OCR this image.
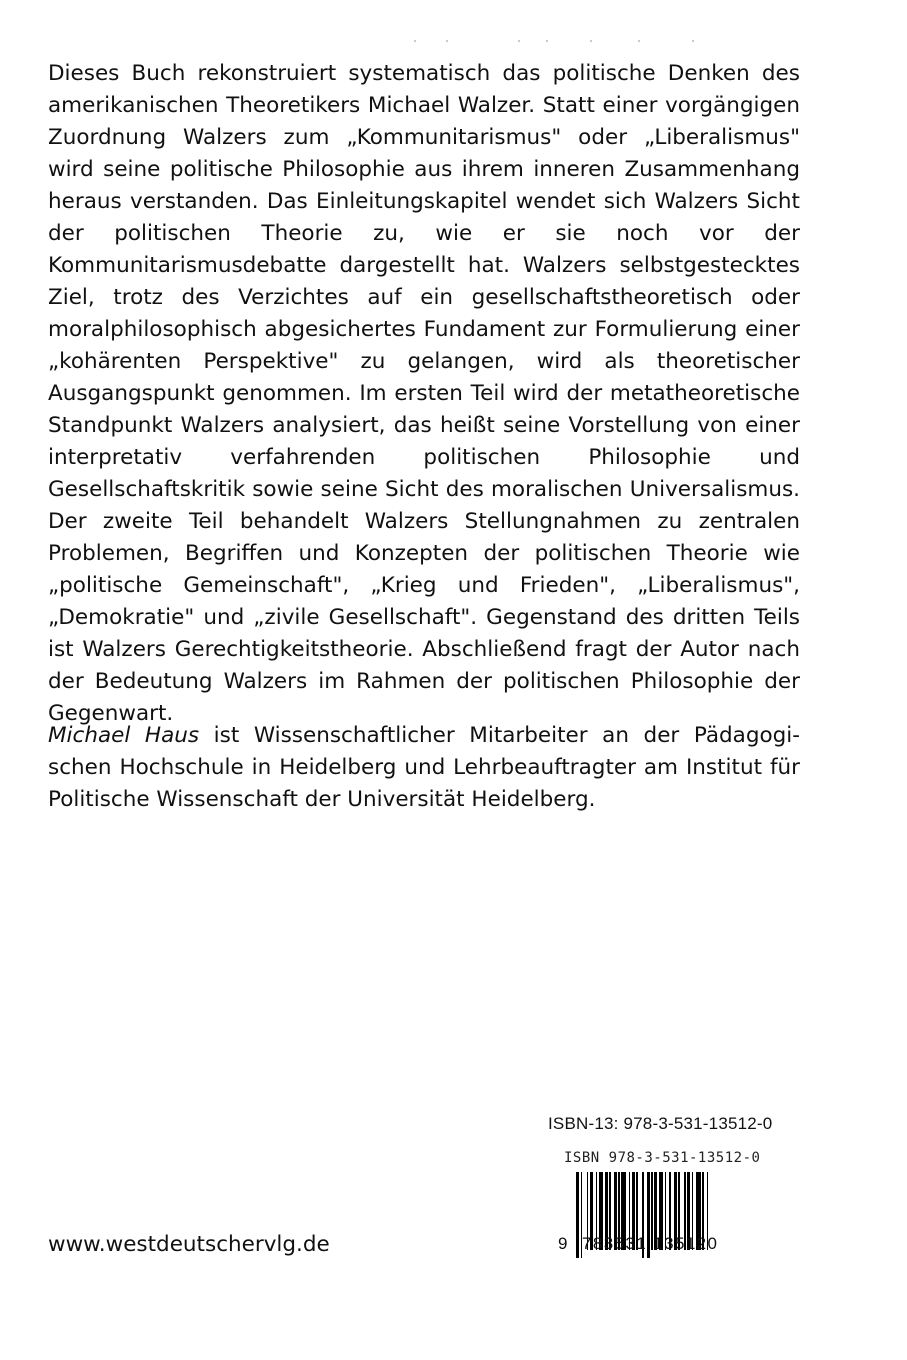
Dieses Buch rekonstruiert systematisch das politische Denken des amerikanischen Theoretikers Michael Walzer. Statt einer vorgängigen Zuordnung Walzers zum „Kommunitarismus" oder „Liberalismus" wird seine politische Philosophie aus ihrem inneren Zusammenhang heraus verstanden. Das Einleitungskapitel wendet sich Walzers Sicht der politischen Theorie zu, wie er sie noch vor der Kommunitarismusdebatte dargestellt hat. Walzers selbstgestecktes Ziel, trotz des Verzichtes auf ein gesellschaftstheoretisch oder moralphilosophisch abgesichertes Fundament zur Formulierung einer „kohärenten Perspektive" zu gelangen, wird als theoretischer Ausgangspunkt genommen. Im ersten Teil wird der metatheoretische Standpunkt Walzers analysiert, das heißt seine Vorstellung von einer interpretativ verfahrenden politischen Philosophie und Gesellschaftskritik sowie seine Sicht des moralischen Universalismus. Der zweite Teil behandelt Walzers Stellungnahmen zu zentralen Problemen, Begriffen und Konzepten der politischen Theorie wie „politische Gemeinschaft", „Krieg und Frieden", „Liberalismus", „Demokratie" und „zivile Gesellschaft". Gegenstand des dritten Teils ist Walzers Gerechtigkeitstheorie. Abschließend fragt der Autor nach der Bedeutung Walzers im Rahmen der politischen Philosophie der Gegenwart.

Michael Haus ist Wissenschaftlicher Mitarbeiter an der Pädagogischen Hochschule in Heidelberg und Lehrbeauftragter am Institut für Politische Wissenschaft der Universität Heidelberg.

ISBN-13: 978-3-531-13512-0
ISBN 978-3-531-13512-0
9 783531 135120
www.westdeutschervlg.de
